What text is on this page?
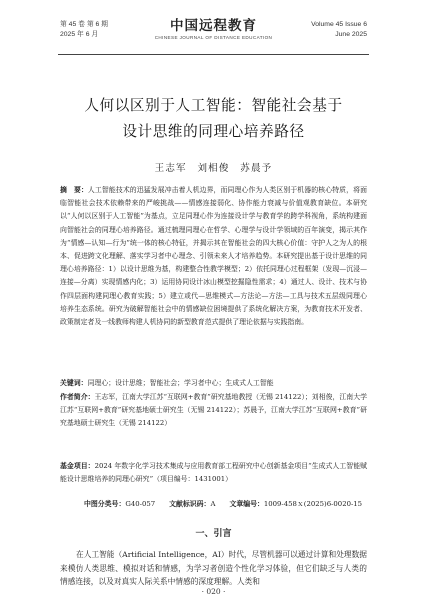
第 45 卷 第 6 期
2025 年 6 月
中国远程教育
CHINESE JOURNAL OF DISTANCE EDUCATION
Volume 45 Issue 6
June 2025
人何以区别于人工智能：智能社会基于
设计思维的同理心培养路径
王志军　刘相俊　苏晨予

摘　要：人工智能技术的迅猛发展冲击着人机边界，而同理心作为人类区别于机器的核心特质，将面临智能社会技术依赖带来的严峻挑战——情感连接弱化、协作能力衰减与价值观教育缺位。本研究以“人何以区别于人工智能”为基点，立足同理心作为连接设计学与教育学的跨学科视角，系统构建面向智能社会的同理心培养路径。通过梳理同理心在哲学、心理学与设计学领域的百年演变，揭示其作为“情感—认知—行为”统一体的核心特征，并揭示其在智能社会的四大核心价值：守护人之为人的根本、促进跨文化理解、落实学习者中心理念、引领未来人才培养趋势。本研究提出基于设计思维的同理心培养路径：1）以设计思维为基，构建整合性教学模型；2）依托同理心过程框架（发现—沉浸—连接—分离）实现情感内化；3）运用协同设计冰山模型挖掘隐性需求；4）通过人、设计、技术与协作四层面构建同理心教育实践；5）建立或代—思维模式—方法论—方法—工具与技术五层级同理心培养生态系统。研究为破解智能社会中的情感缺位困境提供了系统化解决方案，为教育技术开发者、政策制定者及一线教师构建人机协同的新型教育范式提供了理论依据与实践指南。

关键词：同理心；设计思维；智能社会；学习者中心；生成式人工智能
作者简介：王志军，江南大学江苏“互联网+教育”研究基地教授（无锡 214122）；刘相俊，江南大学江苏“互联网+教育”研究基地硕士研究生（无锡 214122）；苏晨予，江南大学江苏“互联网+教育”研究基地硕士研究生（无锡 214122）
基金项目：2024 年数字化学习技术集成与应用教育部工程研究中心创新基金项目“生成式人工智能赋能设计思维培养的同理心研究”（项目编号：1431001）
中图分类号：G40-057 文献标识码：A 文章编号：1009-458ｘ(2025)6-0020-15
一、引言
在人工智能（Artificial Intelligence，AI）时代，尽管机器可以通过计算和处理数据来模仿人类思维、模拟对话和情感，为学习者创造个性化学习体验，但它们缺乏与人类的情感连接，以及对真实人际关系中情感的深度理解。人类和
· 020 ·
